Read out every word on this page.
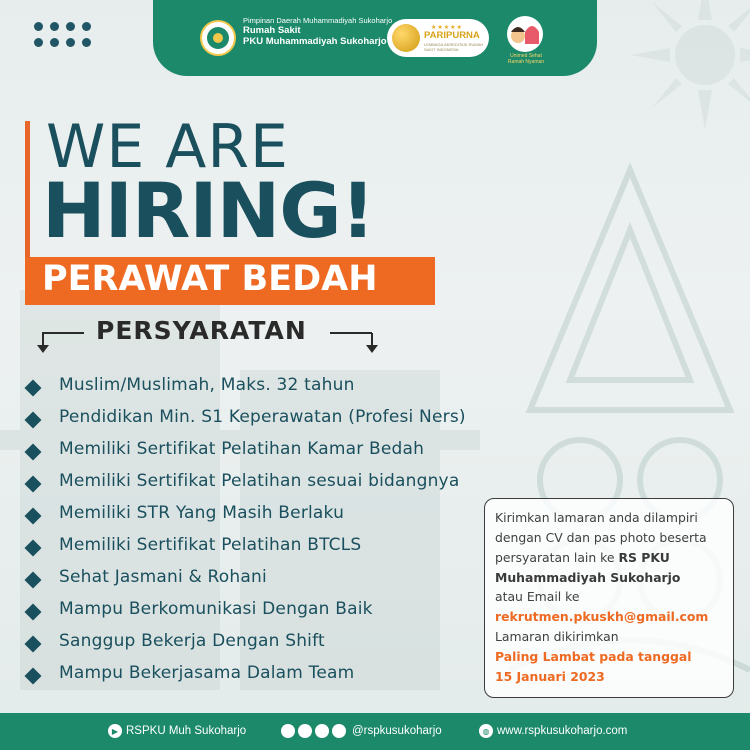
Pimpinan Daerah Muhammadiyah Sukoharjo
Rumah Sakit
PKU Muhammadiyah Sukoharjo
★★★★★
PARIPURNA
LEMBAGA AKREDITASI RUMAH SAKIT INDONESIA
Unimed Sehat Ramah Nyaman
WE ARE
HIRING!
PERAWAT BEDAH
PERSYARATAN
Muslim/Muslimah, Maks. 32 tahun
Pendidikan Min. S1 Keperawatan (Profesi Ners)
Memiliki Sertifikat Pelatihan Kamar Bedah
Memiliki Sertifikat Pelatihan sesuai bidangnya
Memiliki STR Yang Masih Berlaku
Memiliki Sertifikat Pelatihan BTCLS
Sehat Jasmani & Rohani
Mampu Berkomunikasi Dengan Baik
Sanggup Bekerja Dengan Shift
Mampu Bekerjasama Dalam Team
Kirimkan lamaran anda dilampiri
dengan CV dan pas photo beserta
persyaratan lain ke RS PKU
Muhammadiyah Sukoharjo
atau Email ke
rekrutmen.pkuskh@gmail.com
Lamaran dikirimkan
Paling Lambat pada tanggal
15 Januari 2023
▶ RSPKU Muh Sukoharjo	@rspkusukoharjo	◍ www.rspkusukoharjo.com
